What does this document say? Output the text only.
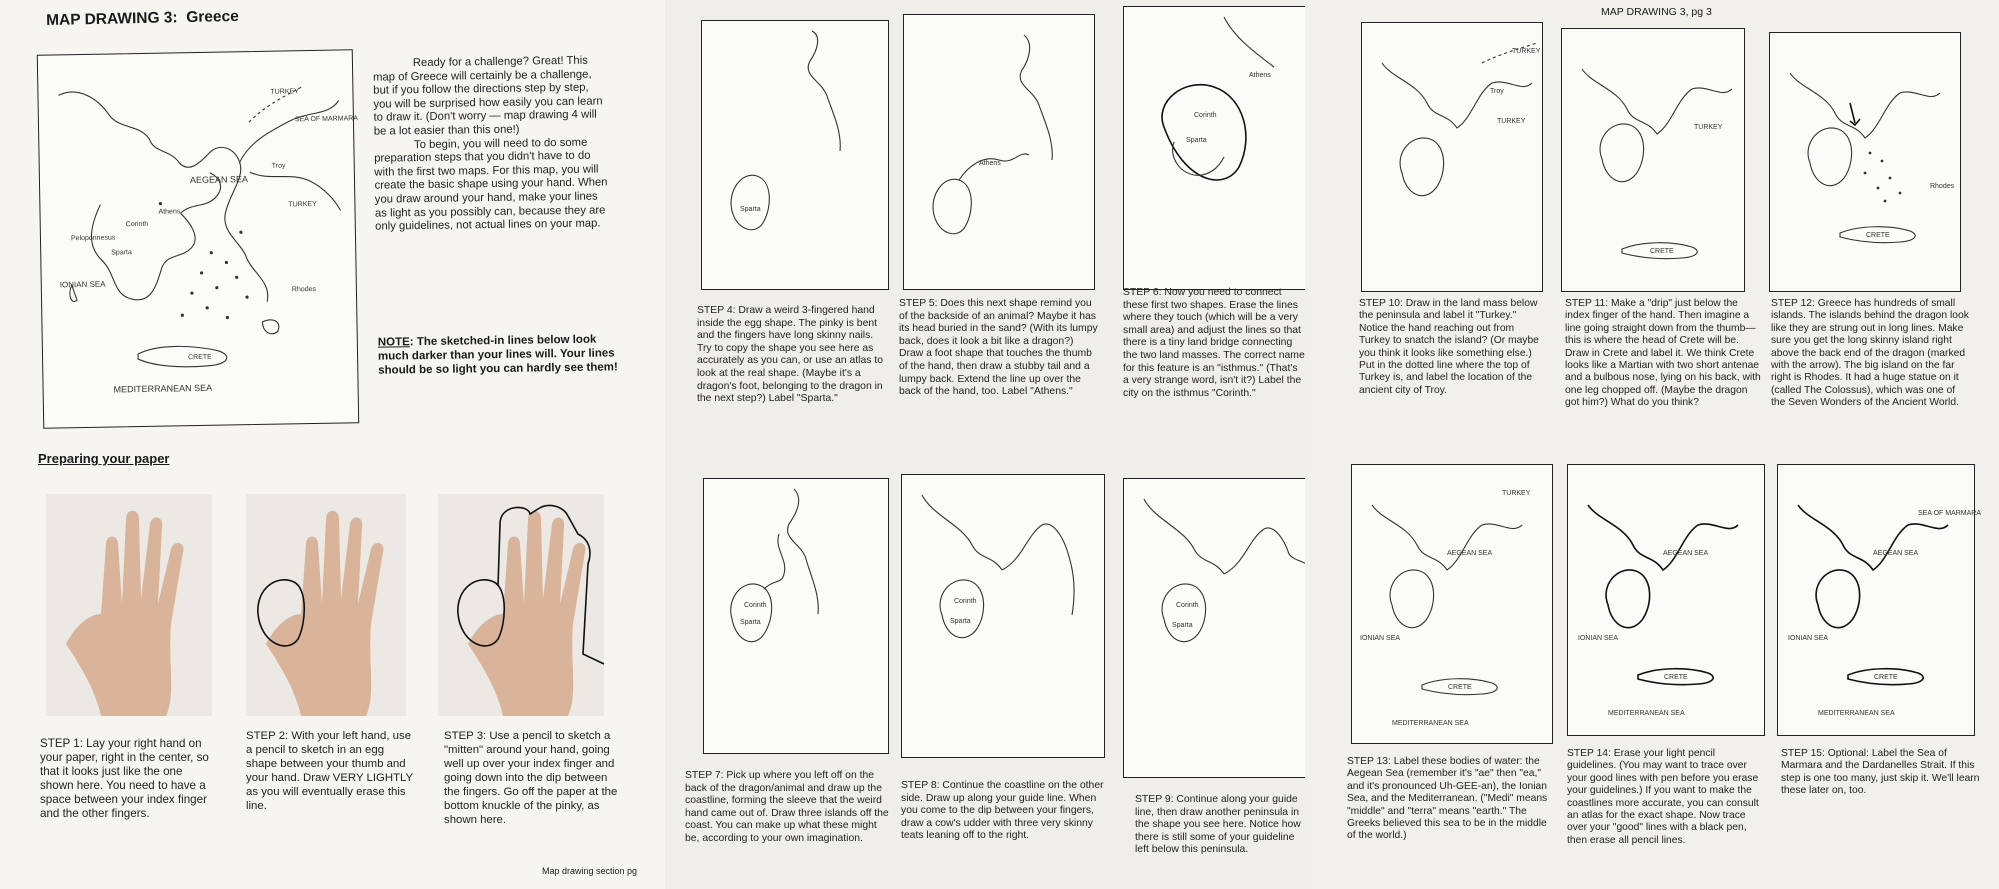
MAP DRAWING 3: Greece
TURKEY
SEA OF MARMARA
AEGEAN SEA
Troy
TURKEY
Athens
Corinth
Peloponnesus
Sparta
IONIAN SEA
Rhodes
CRETE
MEDITERRANEAN SEA
Ready for a challenge? Great! This map of Greece will certainly be a challenge, but if you follow the directions step by step, you will be surprised how easily you can learn to draw it. (Don't worry — map drawing 4 will be a lot easier than this one!)
To begin, you will need to do some preparation steps that you didn't have to do with the first two maps. For this map, you will create the basic shape using your hand. When you draw around your hand, make your lines as light as you possibly can, because they are only guidelines, not actual lines on your map.
NOTE: The sketched-in lines below look much darker than your lines will. Your lines should be so light you can hardly see them!
Preparing your paper
STEP 1: Lay your right hand on your paper, right in the center, so that it looks just like the one shown here. You need to have a space between your index finger and the other fingers.
STEP 2: With your left hand, use a pencil to sketch in an egg shape between your thumb and your hand. Draw VERY LIGHTLY as you will eventually erase this line.
STEP 3: Use a pencil to sketch a "mitten" around your hand, going well up over your index finger and going down into the dip between the fingers. Go off the paper at the bottom knuckle of the pinky, as shown here.
Map drawing section pg
Sparta
Athens
Corinth
Sparta
Athens
STEP 4: Draw a weird 3-fingered hand inside the egg shape. The pinky is bent and the fingers have long skinny nails. Try to copy the shape you see here as accurately as you can, or use an atlas to look at the real shape. (Maybe it's a dragon's foot, belonging to the dragon in the next step?) Label "Sparta."
STEP 5: Does this next shape remind you of the backside of an animal? Maybe it has its head buried in the sand? (With its lumpy back, does it look a bit like a dragon?) Draw a foot shape that touches the thumb of the hand, then draw a stubby tail and a lumpy back. Extend the line up over the back of the hand, too. Label "Athens."
STEP 6: Now you need to connect these first two shapes. Erase the lines where they touch (which will be a very small area) and adjust the lines so that there is a tiny land bridge connecting the two land masses. The correct name for this feature is an "isthmus." (That's a very strange word, isn't it?) Label the city on the isthmus "Corinth."
Corinth
Sparta
Corinth
Sparta
Corinth
Sparta
STEP 7: Pick up where you left off on the back of the dragon/animal and draw up the coastline, forming the sleeve that the weird hand came out of. Draw three islands off the coast. You can make up what these might be, according to your own imagination.
STEP 8: Continue the coastline on the other side. Draw up along your guide line. When you come to the dip between your fingers, draw a cow's udder with three very skinny teats leaning off to the right.
STEP 9: Continue along your guide line, then draw another peninsula in the shape you see here. Notice how there is still some of your guideline left below this peninsula.
MAP DRAWING 3, pg 3
TURKEY
TURKEY
Troy
CRETE
TURKEY
CRETE
Rhodes
STEP 10: Draw in the land mass below the peninsula and label it "Turkey." Notice the hand reaching out from Turkey to snatch the island? (Or maybe you think it looks like something else.) Put in the dotted line where the top of Turkey is, and label the location of the ancient city of Troy.
STEP 11: Make a "drip" just below the index finger of the hand. Then imagine a line going straight down from the thumb—this is where the head of Crete will be. Draw in Crete and label it. We think Crete looks like a Martian with two short antenae and a bulbous nose, lying on his back, with one leg chopped off. (Maybe the dragon got him?) What do you think?
STEP 12: Greece has hundreds of small islands. The islands behind the dragon look like they are strung out in long lines. Make sure you get the long skinny island right above the back end of the dragon (marked with the arrow). The big island on the far right is Rhodes. It had a huge statue on it (called The Colossus), which was one of the Seven Wonders of the Ancient World.
AEGEAN SEA
IONIAN SEA
MEDITERRANEAN SEA
CRETE
TURKEY
AEGEAN SEA
IONIAN SEA
MEDITERRANEAN SEA
CRETE
AEGEAN SEA
IONIAN SEA
MEDITERRANEAN SEA
SEA OF MARMARA
CRETE
STEP 13: Label these bodies of water: the Aegean Sea (remember it's "ae" then "ea," and it's pronounced Uh-GEE-an), the Ionian Sea, and the Mediterranean. ("Medi" means "middle" and "terra" means "earth." The Greeks believed this sea to be in the middle of the world.)
STEP 14: Erase your light pencil guidelines. (You may want to trace over your good lines with pen before you erase your guidelines.) If you want to make the coastlines more accurate, you can consult an atlas for the exact shape. Now trace over your "good" lines with a black pen, then erase all pencil lines.
STEP 15: Optional: Label the Sea of Marmara and the Dardanelles Strait. If this step is one too many, just skip it. We'll learn these later on, too.
